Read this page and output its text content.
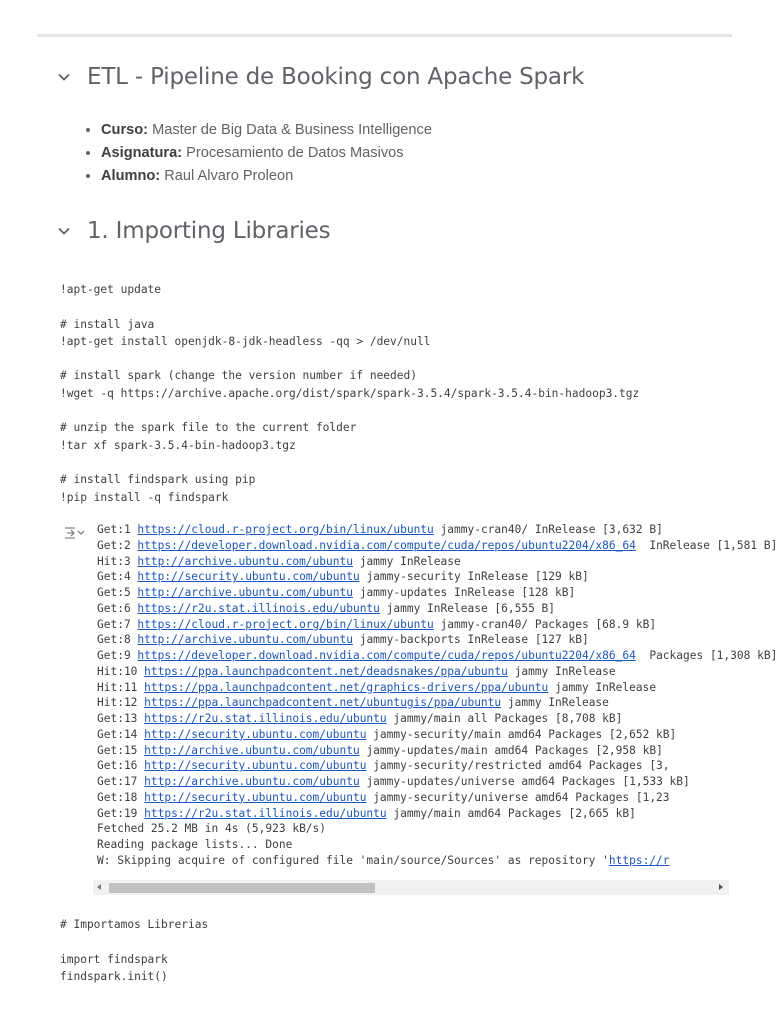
ETL - Pipeline de Booking con Apache Spark
• Curso: Master de Big Data & Business Intelligence
• Asignatura: Procesamiento de Datos Masivos
• Alumno: Raul Alvaro Proleon
1. Importing Libraries
!apt-get update
# install java
!apt-get install openjdk-8-jdk-headless -qq > /dev/null
# install spark (change the version number if needed)
!wget -q https://archive.apache.org/dist/spark/spark-3.5.4/spark-3.5.4-bin-hadoop3.tgz
# unzip the spark file to the current folder
!tar xf spark-3.5.4-bin-hadoop3.tgz
# install findspark using pip
!pip install -q findspark
Get:1 https://cloud.r-project.org/bin/linux/ubuntu jammy-cran40/ InRelease [3,632 B]
Get:2 https://developer.download.nvidia.com/compute/cuda/repos/ubuntu2204/x86_64  InRelease [1,581 B]
Hit:3 http://archive.ubuntu.com/ubuntu jammy InRelease
Get:4 http://security.ubuntu.com/ubuntu jammy-security InRelease [129 kB]
Get:5 http://archive.ubuntu.com/ubuntu jammy-updates InRelease [128 kB]
Get:6 https://r2u.stat.illinois.edu/ubuntu jammy InRelease [6,555 B]
Get:7 https://cloud.r-project.org/bin/linux/ubuntu jammy-cran40/ Packages [68.9 kB]
Get:8 http://archive.ubuntu.com/ubuntu jammy-backports InRelease [127 kB]
Get:9 https://developer.download.nvidia.com/compute/cuda/repos/ubuntu2204/x86_64  Packages [1,308 kB]
Hit:10 https://ppa.launchpadcontent.net/deadsnakes/ppa/ubuntu jammy InRelease
Hit:11 https://ppa.launchpadcontent.net/graphics-drivers/ppa/ubuntu jammy InRelease
Hit:12 https://ppa.launchpadcontent.net/ubuntugis/ppa/ubuntu jammy InRelease
Get:13 https://r2u.stat.illinois.edu/ubuntu jammy/main all Packages [8,708 kB]
Get:14 http://security.ubuntu.com/ubuntu jammy-security/main amd64 Packages [2,652 kB]
Get:15 http://archive.ubuntu.com/ubuntu jammy-updates/main amd64 Packages [2,958 kB]
Get:16 http://security.ubuntu.com/ubuntu jammy-security/restricted amd64 Packages [3,
Get:17 http://archive.ubuntu.com/ubuntu jammy-updates/universe amd64 Packages [1,533 kB]
Get:18 http://security.ubuntu.com/ubuntu jammy-security/universe amd64 Packages [1,23
Get:19 https://r2u.stat.illinois.edu/ubuntu jammy/main amd64 Packages [2,665 kB]
Fetched 25.2 MB in 4s (5,923 kB/s)
Reading package lists... Done
W: Skipping acquire of configured file 'main/source/Sources' as repository 'https://r
# Importamos Librerias
import findspark
findspark.init()
